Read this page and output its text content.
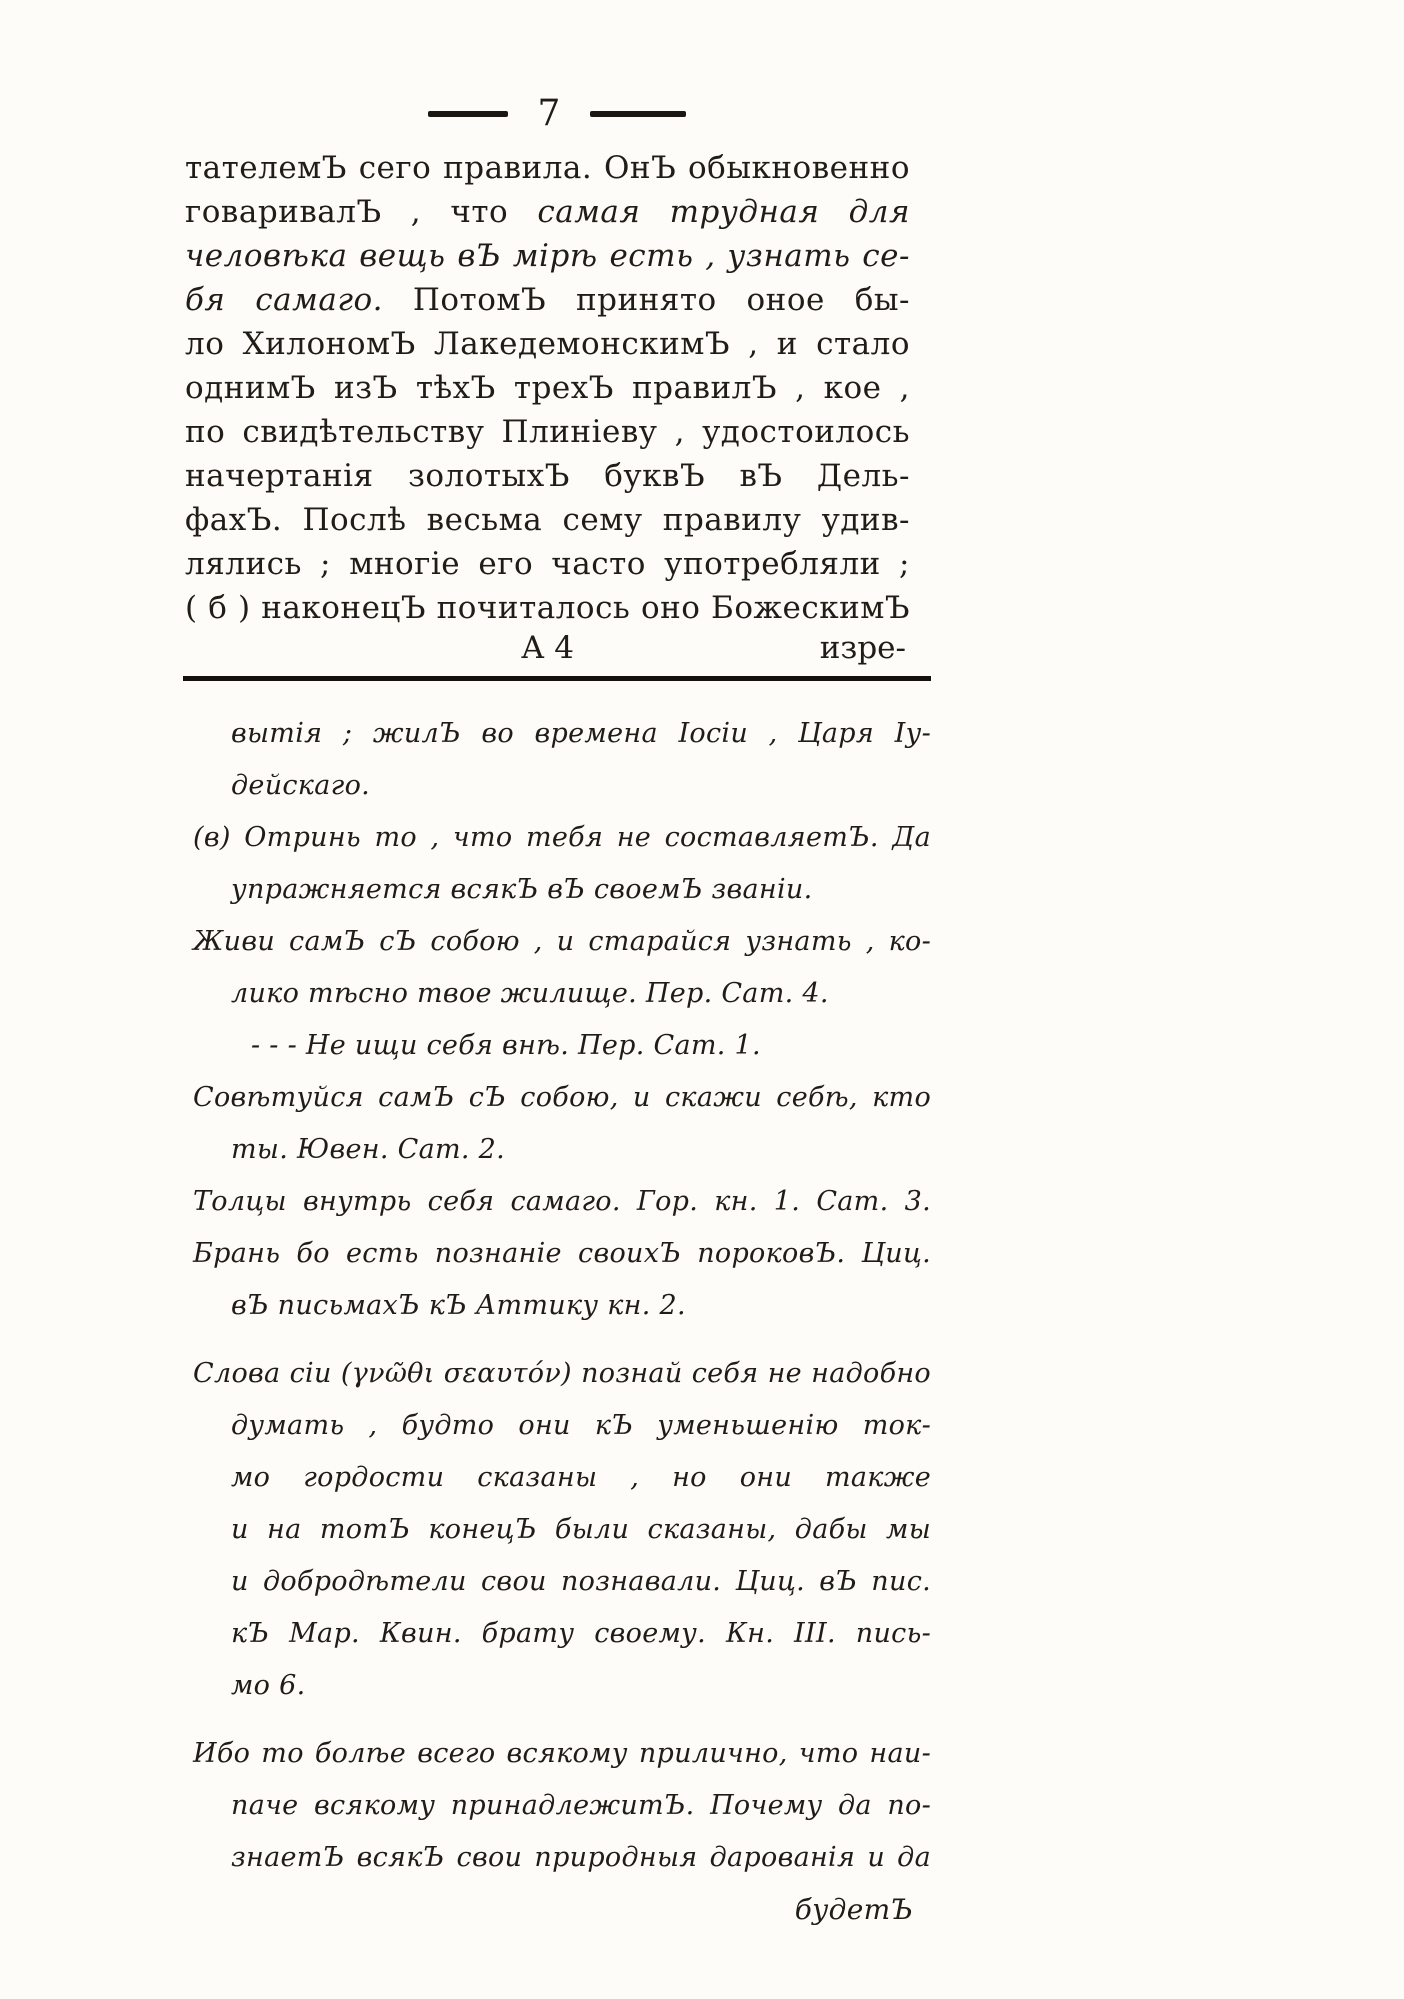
7
тателемЪ сего правила. ОнЪ обыкновенно
говаривалЪ , что самая трудная для
человѣка вещь вЪ мірѣ есть , узнать се-
бя самаго. ПотомЪ принято оное бы-
ло ХилономЪ ЛакедемонскимЪ , и стало
однимЪ изЪ тѣхЪ трехЪ правилЪ , кое ,
по свидѣтельству Плиніеву , удостоилось
начертанія золотыхЪ буквЪ вЪ Дель-
фахЪ. Послѣ весьма сему правилу удив-
лялись ; многіе его часто употребляли ;
( б ) наконецЪ почиталось оно БожескимЪ
А 4	изре-
вытія ; жилЪ во времена Іосіи , Царя Іу-
дейскаго.
(в) Отринь то , что тебя не составляетЪ. Да
упражняется всякЪ вЪ своемЪ званіи.
Живи самЪ сЪ собою , и старайся узнать , ко-
лико тѣсно твое жилище. Пер. Сат. 4.
- - - Не ищи себя внѣ. Пер. Сат. 1.
Совѣтуйся самЪ сЪ собою, и скажи себѣ, кто
ты. Ювен. Сат. 2.
Толцы внутрь себя самаго. Гор. кн. 1. Сат. 3.
Брань бо есть познаніе своихЪ пороковЪ. Циц.
вЪ письмахЪ кЪ Аттику кн. 2.
Слова сіи (γνῶθι σεαυτόν) познай себя не надобно
думать , будто они кЪ уменьшенію ток-
мо гордости сказаны , но они также
и на тотЪ конецЪ были сказаны, дабы мы
и добродѣтели свои познавали. Циц. вЪ пис.
кЪ Мар. Квин. брату своему. Кн. III. пись-
мо 6.
Ибо то болѣе всего всякому прилично, что наи-
паче всякому принадлежитЪ. Почему да по-
знаетЪ всякЪ свои природныя дарованія и да
будетЪ
